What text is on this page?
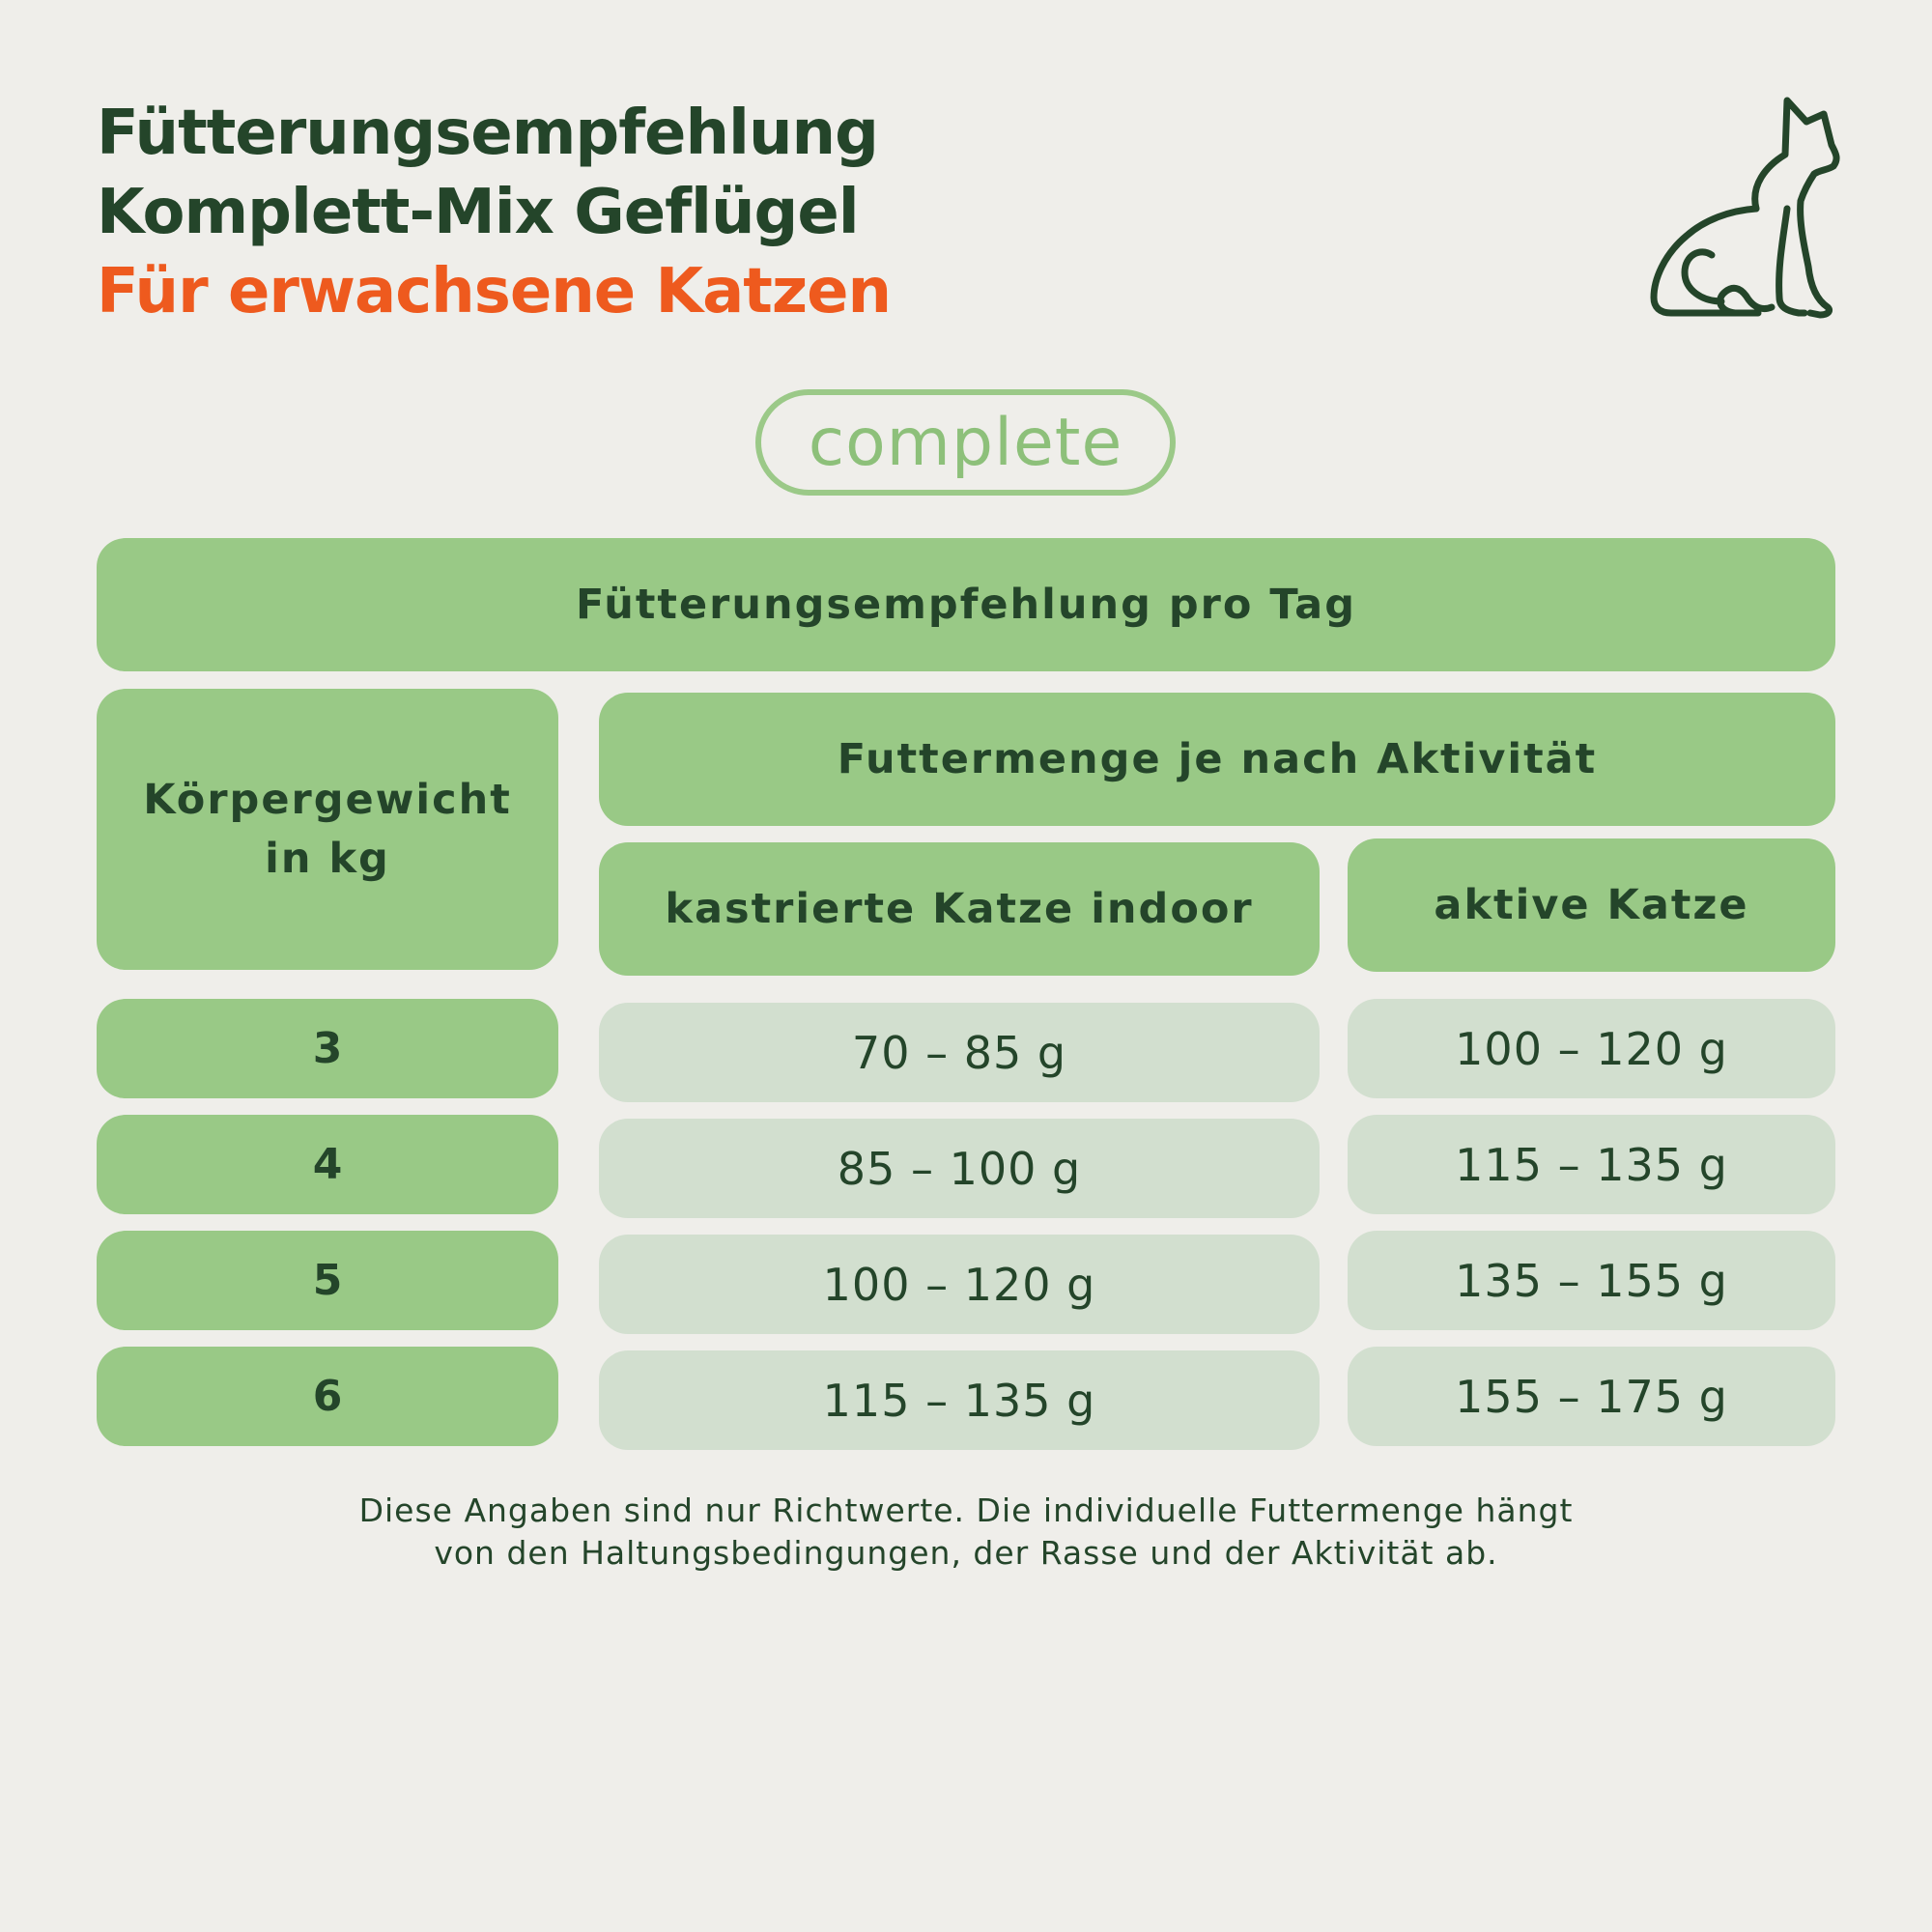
Fütterungsempfehlung
Komplett-Mix Geflügel
Für erwachsene Katzen
complete
Fütterungsempfehlung pro Tag
Körpergewicht
in kg
Futtermenge je nach Aktivität
kastrierte Katze indoor	aktive Katze
3	70 – 85 g	100 – 120 g
4	85 – 100 g	115 – 135 g
5	100 – 120 g	135 – 155 g
6	115 – 135 g	155 – 175 g
Diese Angaben sind nur Richtwerte. Die individuelle Futtermenge hängt
von den Haltungsbedingungen, der Rasse und der Aktivität ab.
